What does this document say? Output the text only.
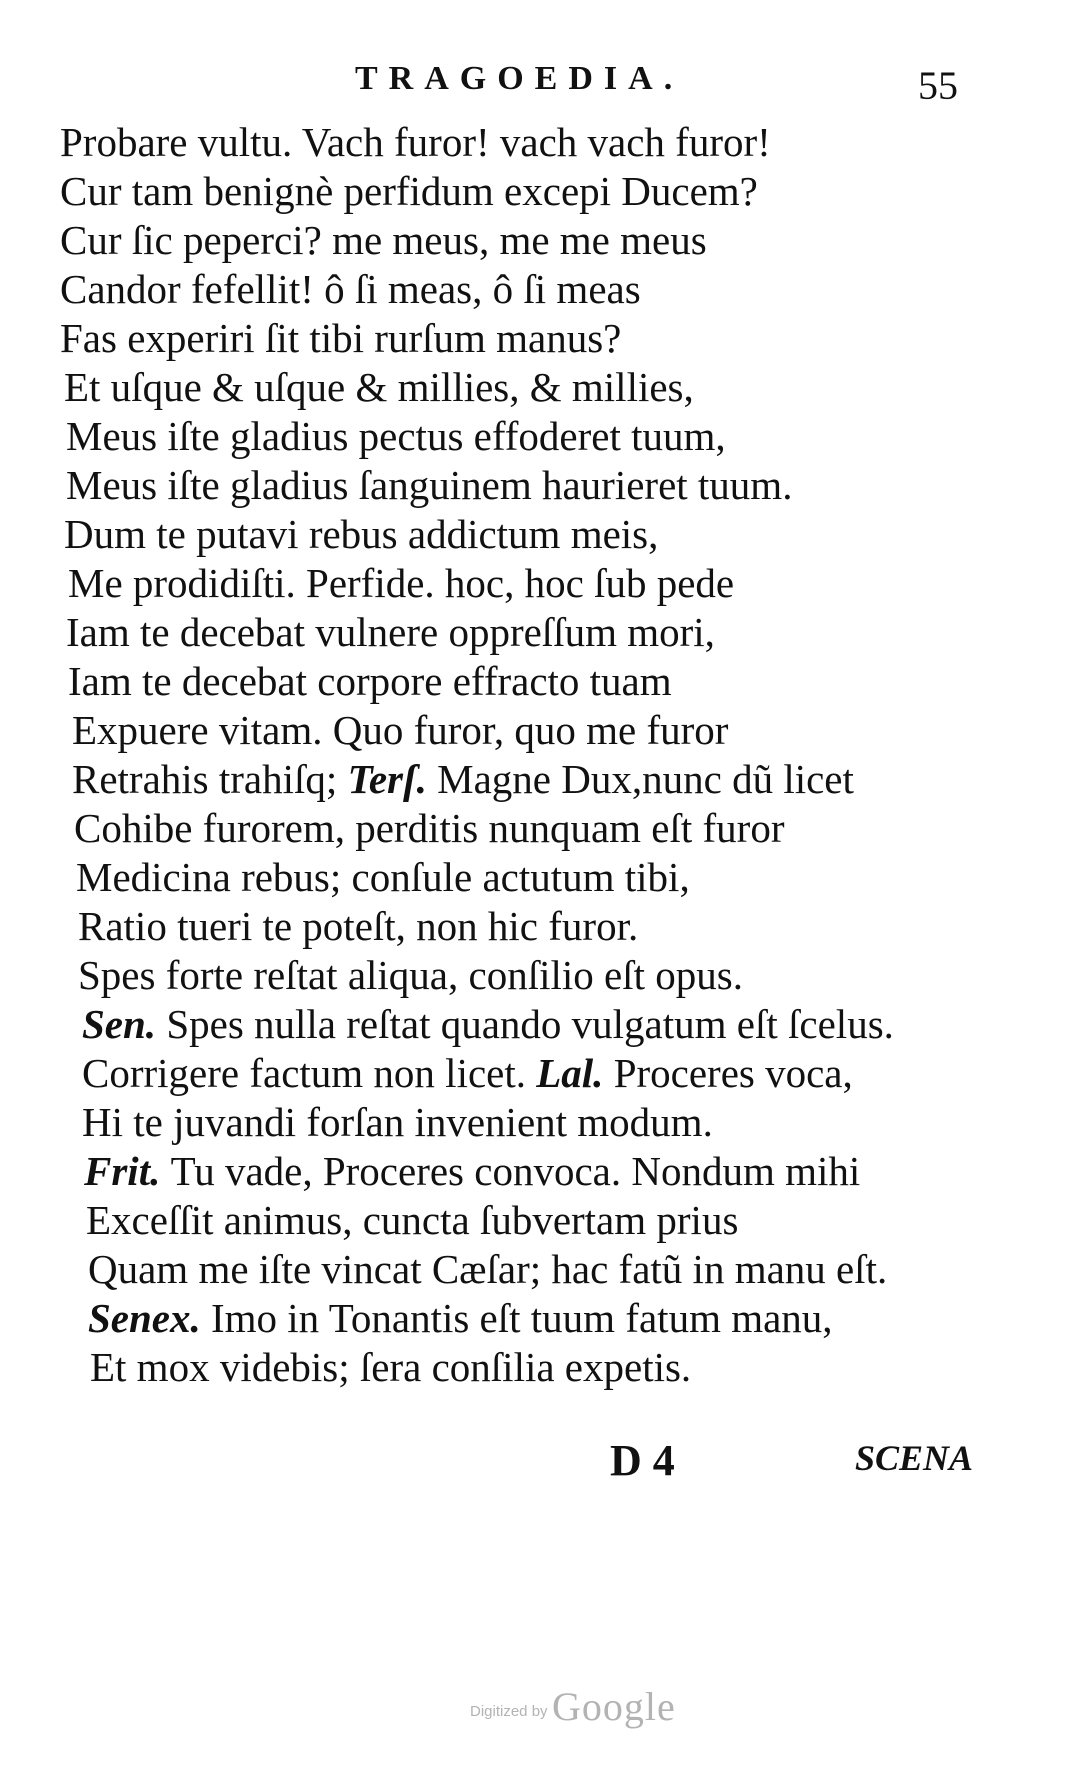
TRAGOEDIA.	55
Probare vultu. Vach furor! vach vach furor!
Cur tam benignè perfidum excepi Ducem?
Cur ſic peperci? me meus, me me meus
Candor fefellit! ô ſi meas, ô ſi meas
Fas experiri ſit tibi rurſum manus?
Et uſque & uſque & millies, & millies,
Meus iſte gladius pectus effoderet tuum,
Meus iſte gladius ſanguinem haurieret tuum.
Dum te putavi rebus addictum meis,
Me prodidiſti. Perfide. hoc, hoc ſub pede
Iam te decebat vulnere oppreſſum mori,
Iam te decebat corpore effracto tuam
Expuere vitam. Quo furor, quo me furor
Retrahis trahiſq; Terſ. Magne Dux,nunc dũ licet
Cohibe furorem, perditis nunquam eſt furor
Medicina rebus; conſule actutum tibi,
Ratio tueri te poteſt, non hic furor.
Spes forte reſtat aliqua, conſilio eſt opus.
Sen. Spes nulla reſtat quando vulgatum eſt ſcelus.
Corrigere factum non licet. Lal. Proceres voca,
Hi te juvandi forſan invenient modum.
Frit. Tu vade, Proceres convoca. Nondum mihi
Exceſſit animus, cuncta ſubvertam prius
Quam me iſte vincat Cæſar; hac fatũ in manu eſt.
Senex. Imo in Tonantis eſt tuum fatum manu,
Et mox videbis; ſera conſilia expetis.
D 4	SCENA
Digitized by Google
